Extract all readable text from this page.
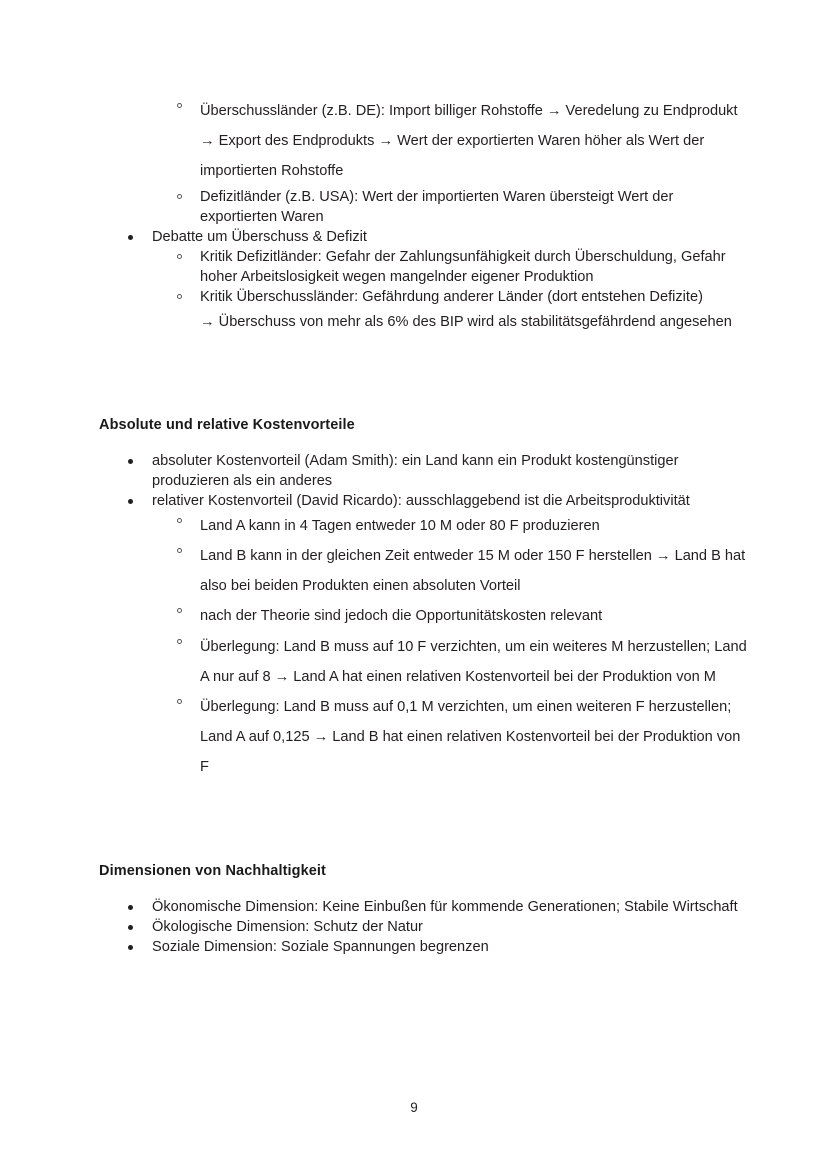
Überschussländer (z.B. DE): Import billiger Rohstoffe → Veredelung zu Endprodukt → Export des Endprodukts → Wert der exportierten Waren höher als Wert der importierten Rohstoffe
Defizitländer (z.B. USA): Wert der importierten Waren übersteigt Wert der exportierten Waren
Debatte um Überschuss & Defizit
Kritik Defizitländer: Gefahr der Zahlungsunfähigkeit durch Überschuldung, Gefahr hoher Arbeitslosigkeit wegen mangelnder eigener Produktion
Kritik Überschussländer: Gefährdung anderer Länder (dort entstehen Defizite)
→ Überschuss von mehr als 6% des BIP wird als stabilitätsgefährdend angesehen
Absolute und relative Kostenvorteile
absoluter Kostenvorteil (Adam Smith): ein Land kann ein Produkt kostengünstiger produzieren als ein anderes
relativer Kostenvorteil (David Ricardo): ausschlaggebend ist die Arbeitsproduktivität
Land A kann in 4 Tagen entweder 10 M oder 80 F produzieren
Land B kann in der gleichen Zeit entweder 15 M oder 150 F herstellen → Land B hat also bei beiden Produkten einen absoluten Vorteil
nach der Theorie sind jedoch die Opportunitätskosten relevant
Überlegung: Land B muss auf 10 F verzichten, um ein weiteres M herzustellen; Land A nur auf 8 → Land A hat einen relativen Kostenvorteil bei der Produktion von M
Überlegung: Land B muss auf 0,1 M verzichten, um einen weiteren F herzustellen; Land A auf 0,125 → Land B hat einen relativen Kostenvorteil bei der Produktion von F
Dimensionen von Nachhaltigkeit
Ökonomische Dimension: Keine Einbußen für kommende Generationen; Stabile Wirtschaft
Ökologische Dimension: Schutz der Natur
Soziale Dimension: Soziale Spannungen begrenzen
9
